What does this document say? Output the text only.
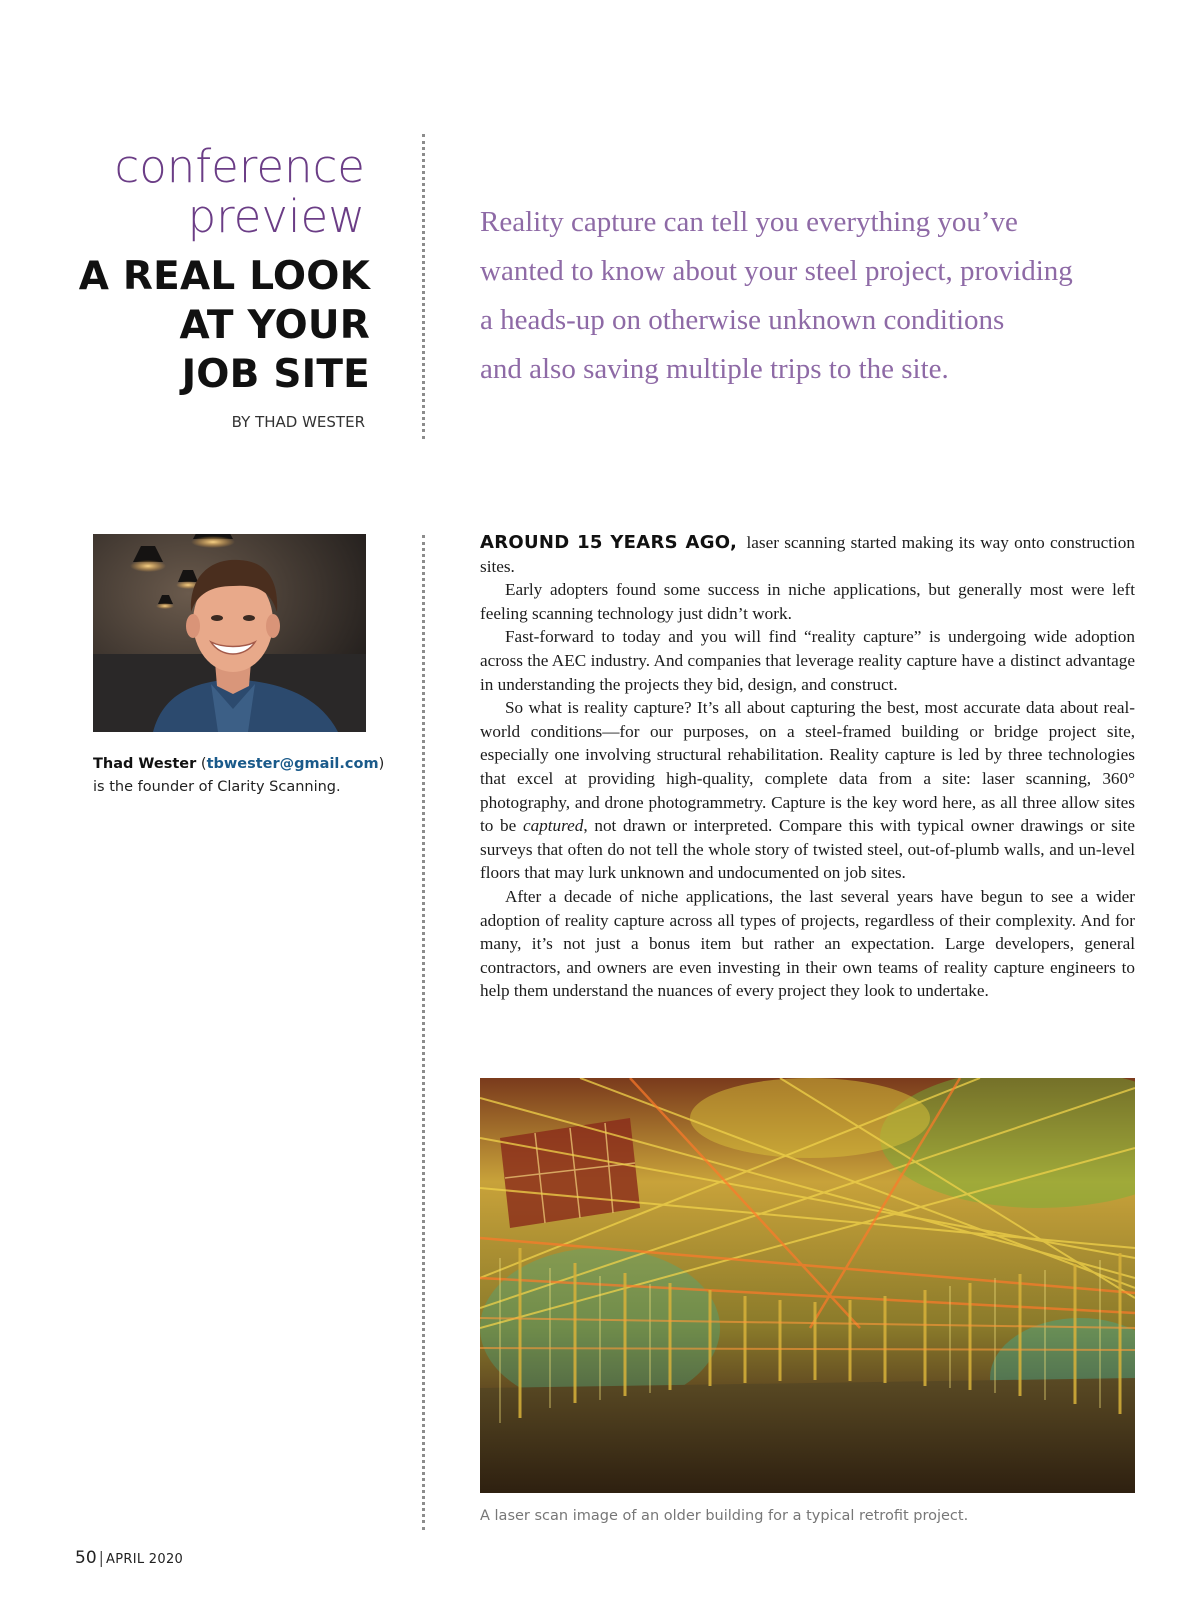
conference
preview
A REAL LOOK
AT YOUR
JOB SITE
BY THAD WESTER
Reality capture can tell you everything you’ve
wanted to know about your steel project, providing
a heads-up on otherwise unknown conditions
and also saving multiple trips to the site.
Thad Wester (tbwester@gmail.com)
is the founder of Clarity Scanning.

AROUND 15 YEARS AGO, laser scanning started making its way onto construction sites.

Early adopters found some success in niche applications, but generally most were left feeling scanning technology just didn’t work.

Fast-forward to today and you will find “reality capture” is undergoing wide adoption across the AEC industry. And companies that leverage reality capture have a distinct advantage in understanding the projects they bid, design, and construct.

So what is reality capture? It’s all about capturing the best, most accurate data about real-world conditions—for our purposes, on a steel-framed building or bridge project site, especially one involving structural rehabilitation. Reality capture is led by three technologies that excel at providing high-quality, complete data from a site: laser scanning, 360° photography, and drone photogrammetry. Capture is the key word here, as all three allow sites to be captured, not drawn or interpreted. Compare this with typical owner drawings or site surveys that often do not tell the whole story of twisted steel, out-of-plumb walls, and un-level floors that may lurk unknown and undocumented on job sites.

After a decade of niche applications, the last several years have begun to see a wider adoption of reality capture across all types of projects, regardless of their complexity. And for many, it’s not just a bonus item but rather an expectation. Large developers, general contractors, and owners are even investing in their own teams of reality capture engineers to help them understand the nuances of every project they look to undertake.

A laser scan image of an older building for a typical retrofit project.
50 | APRIL 2020
